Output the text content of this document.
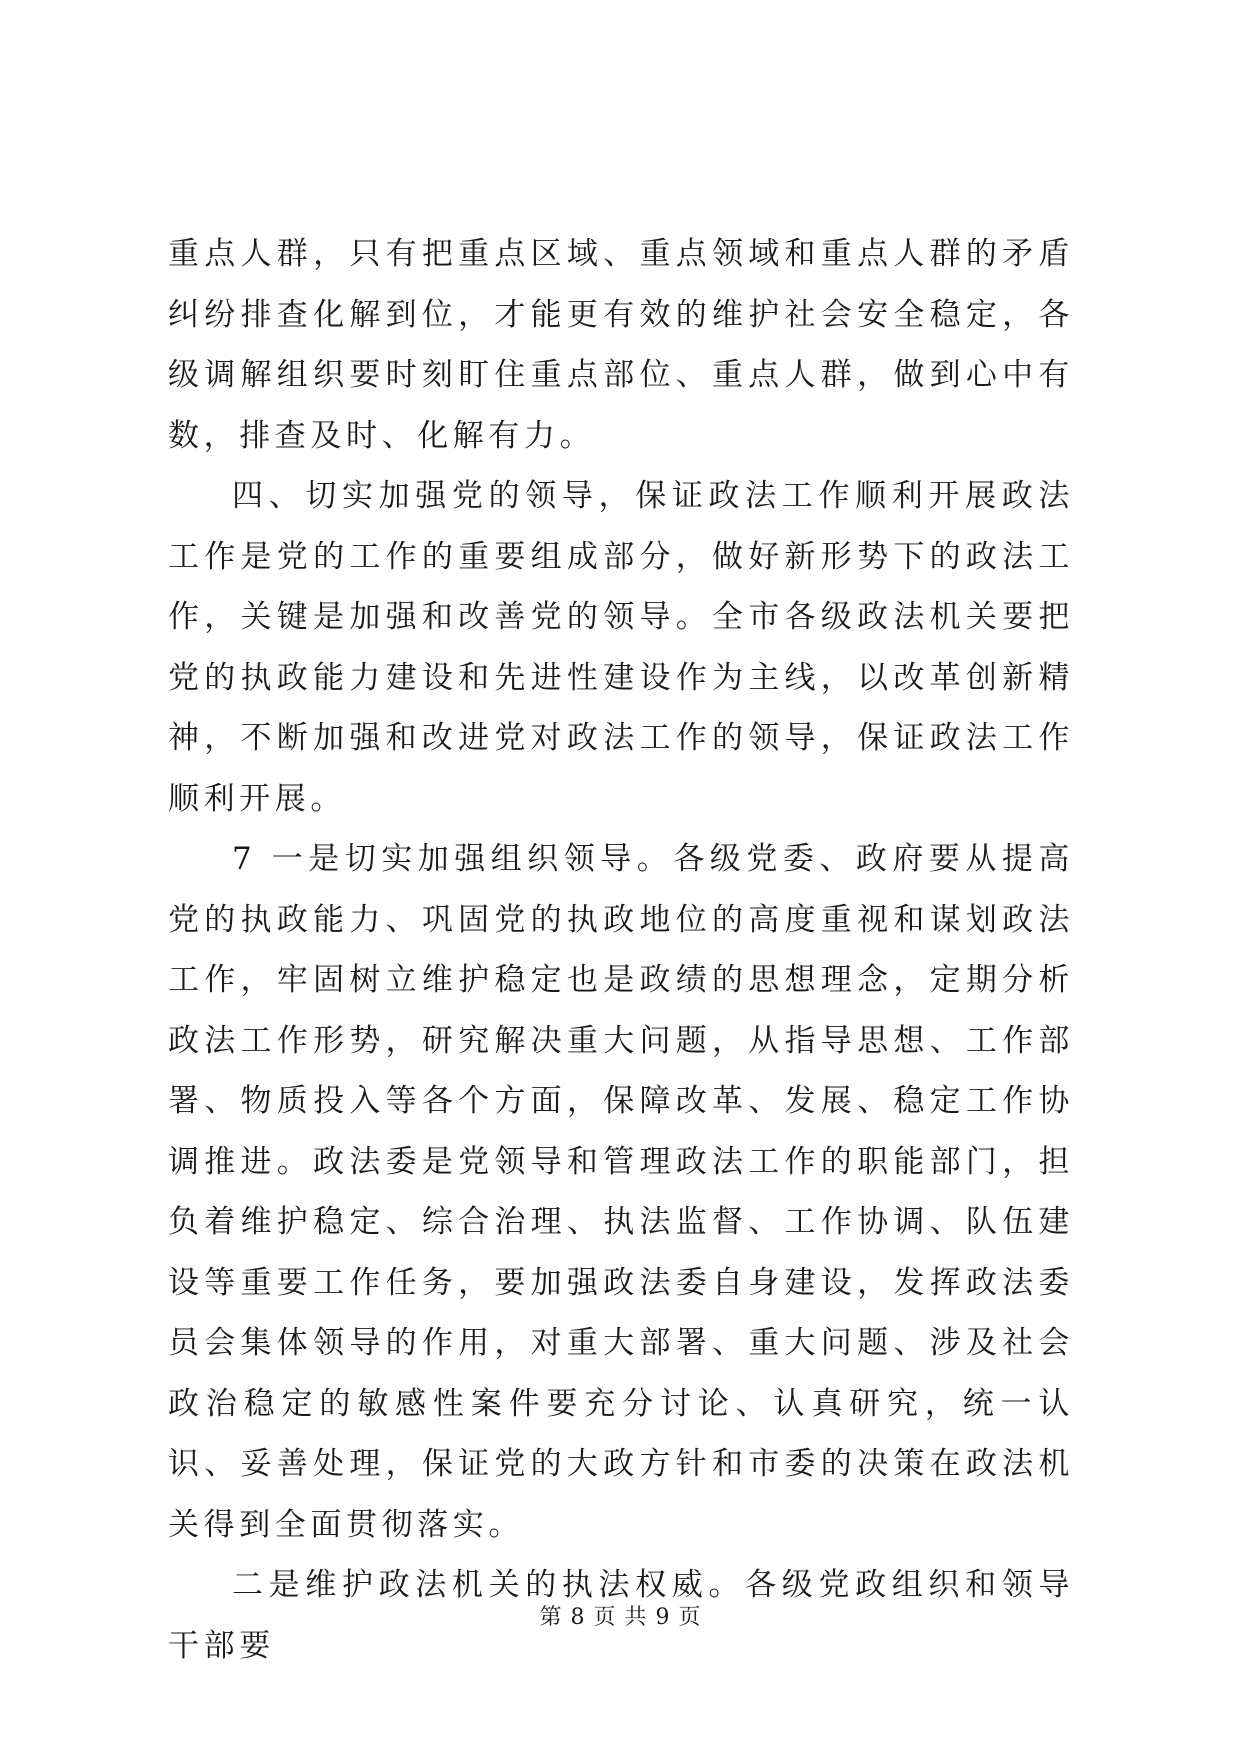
重点人群，只有把重点区域、重点领域和重点人群的矛盾纠纷排查化解到位，才能更有效的维护社会安全稳定，各级调解组织要时刻盯住重点部位、重点人群，做到心中有数，排查及时、化解有力。

四、切实加强党的领导，保证政法工作顺利开展政法工作是党的工作的重要组成部分，做好新形势下的政法工作，关键是加强和改善党的领导。全市各级政法机关要把党的执政能力建设和先进性建设作为主线，以改革创新精神，不断加强和改进党对政法工作的领导，保证政法工作顺利开展。

7 一是切实加强组织领导。各级党委、政府要从提高党的执政能力、巩固党的执政地位的高度重视和谋划政法工作，牢固树立维护稳定也是政绩的思想理念，定期分析政法工作形势，研究解决重大问题，从指导思想、工作部署、物质投入等各个方面，保障改革、发展、稳定工作协调推进。政法委是党领导和管理政法工作的职能部门，担负着维护稳定、综合治理、执法监督、工作协调、队伍建设等重要工作任务，要加强政法委自身建设，发挥政法委员会集体领导的作用，对重大部署、重大问题、涉及社会政治稳定的敏感性案件要充分讨论、认真研究，统一认识、妥善处理，保证党的大政方针和市委的决策在政法机关得到全面贯彻落实。

二是维护政法机关的执法权威。各级党政组织和领导干部要

第 8 页 共 9 页
